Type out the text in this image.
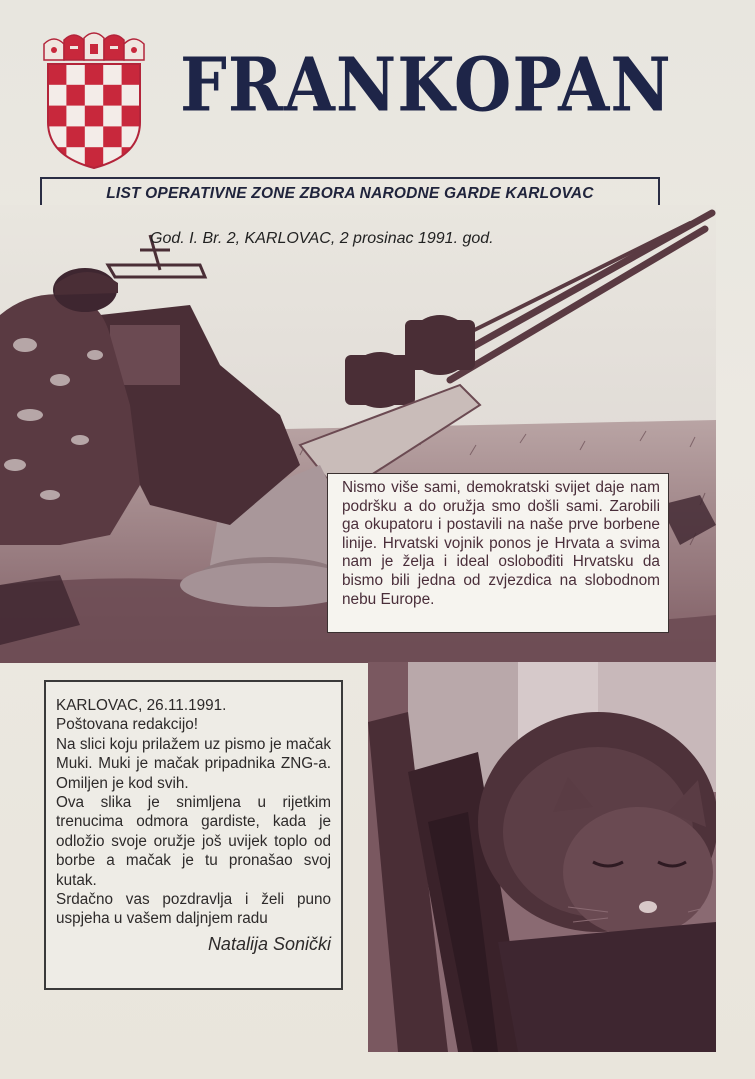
FRANKOPAN
LIST OPERATIVNE ZONE ZBORA NARODNE GARDE KARLOVAC
God. I. Br. 2, KARLOVAC, 2 prosinac 1991. god.
Nismo više sami, demokratski svijet daje nam podršku a do oružja smo došli sami. Zarobili ga okupatoru i postavili na naše prve borbene linije. Hrvatski vojnik ponos je Hrvata a svima nam je želja i ideal oslobođiti Hrvatsku da bismo bili jedna od zvjezdica na slobodnom nebu Europe.
KARLOVAC, 26.11.1991.
Poštovana redakcijo!
Na slici koju prilažem uz pismo je mačak Muki. Muki je mačak pripadnika ZNG-a. Omiljen je kod svih.
Ova slika je snimljena u rijetkim trenucima odmora gardiste, kada je odložio svoje oružje još uvijek toplo od borbe a mačak je tu pronašao svoj kutak.
Srdačno vas pozdravlja i želi puno uspjeha u vašem daljnjem radu
Natalija Sonički
